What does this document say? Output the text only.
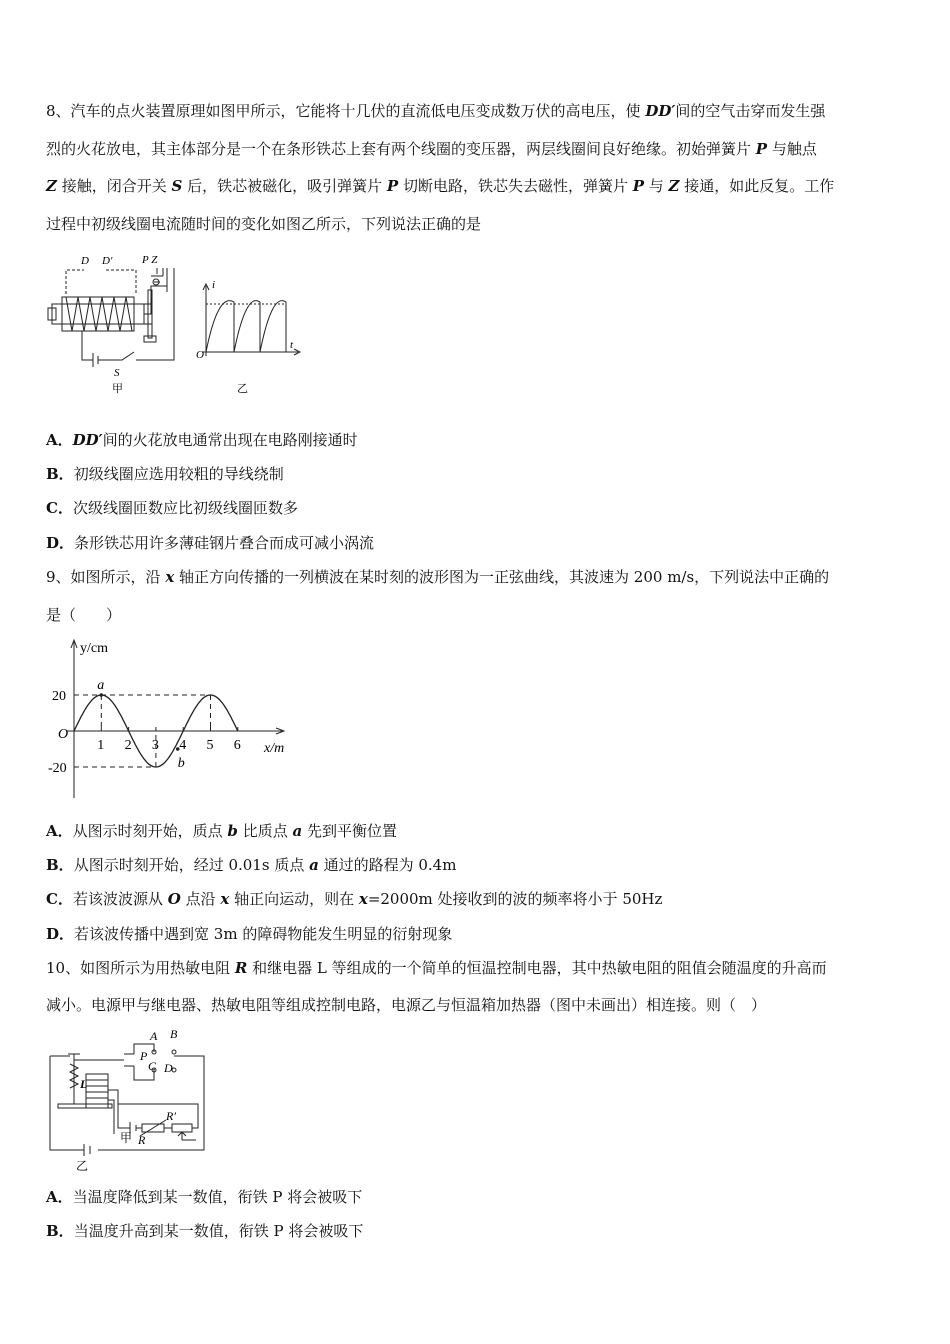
8、汽车的点火装置原理如图甲所示，它能将十几伏的直流低电压变成数万伏的高电压，使 DD′间的空气击穿而发生强
烈的火花放电，其主体部分是一个在条形铁芯上套有两个线圈的变压器，两层线圈间良好绝缘。初始弹簧片 P 与触点
Z 接触，闭合开关 S 后，铁芯被磁化，吸引弹簧片 P 切断电路，铁芯失去磁性，弹簧片 P 与 Z 接通，如此反复。工作
过程中初级线圈电流随时间的变化如图乙所示，下列说法正确的是
D D′	P Z
S
甲
i
O
t
乙
A．DD′间的火花放电通常出现在电路刚接通时
B．初级线圈应选用较粗的导线绕制
C．次级线圈匝数应比初级线圈匝数多
D．条形铁芯用许多薄硅钢片叠合而成可减小涡流
9、如图所示，沿 x 轴正方向传播的一列横波在某时刻的波形图为一正弦曲线，其波速为 200 m/s，下列说法中正确的
是（　　）
y/cm
x/m
O
1 2 3 4 5 6
20
-20
a
b
A．从图示时刻开始，质点 b 比质点 a 先到平衡位置
B．从图示时刻开始，经过 0.01s 质点 a 通过的路程为 0.4m
C．若该波波源从 O 点沿 x 轴正向运动，则在 x=2000m 处接收到的波的频率将小于 50Hz
D．若该波传播中遇到宽 3m 的障碍物能发生明显的衍射现象
10、如图所示为用热敏电阻 R 和继电器 L 等组成的一个简单的恒温控制电器，其中热敏电阻的阻值会随温度的升高而
减小。电源甲与继电器、热敏电阻等组成控制电路，电源乙与恒温箱加热器（图中未画出）相连接。则（　）
A B
P
C D
L
R
R′
甲
乙
A．当温度降低到某一数值，衔铁 P 将会被吸下
B．当温度升高到某一数值，衔铁 P 将会被吸下
